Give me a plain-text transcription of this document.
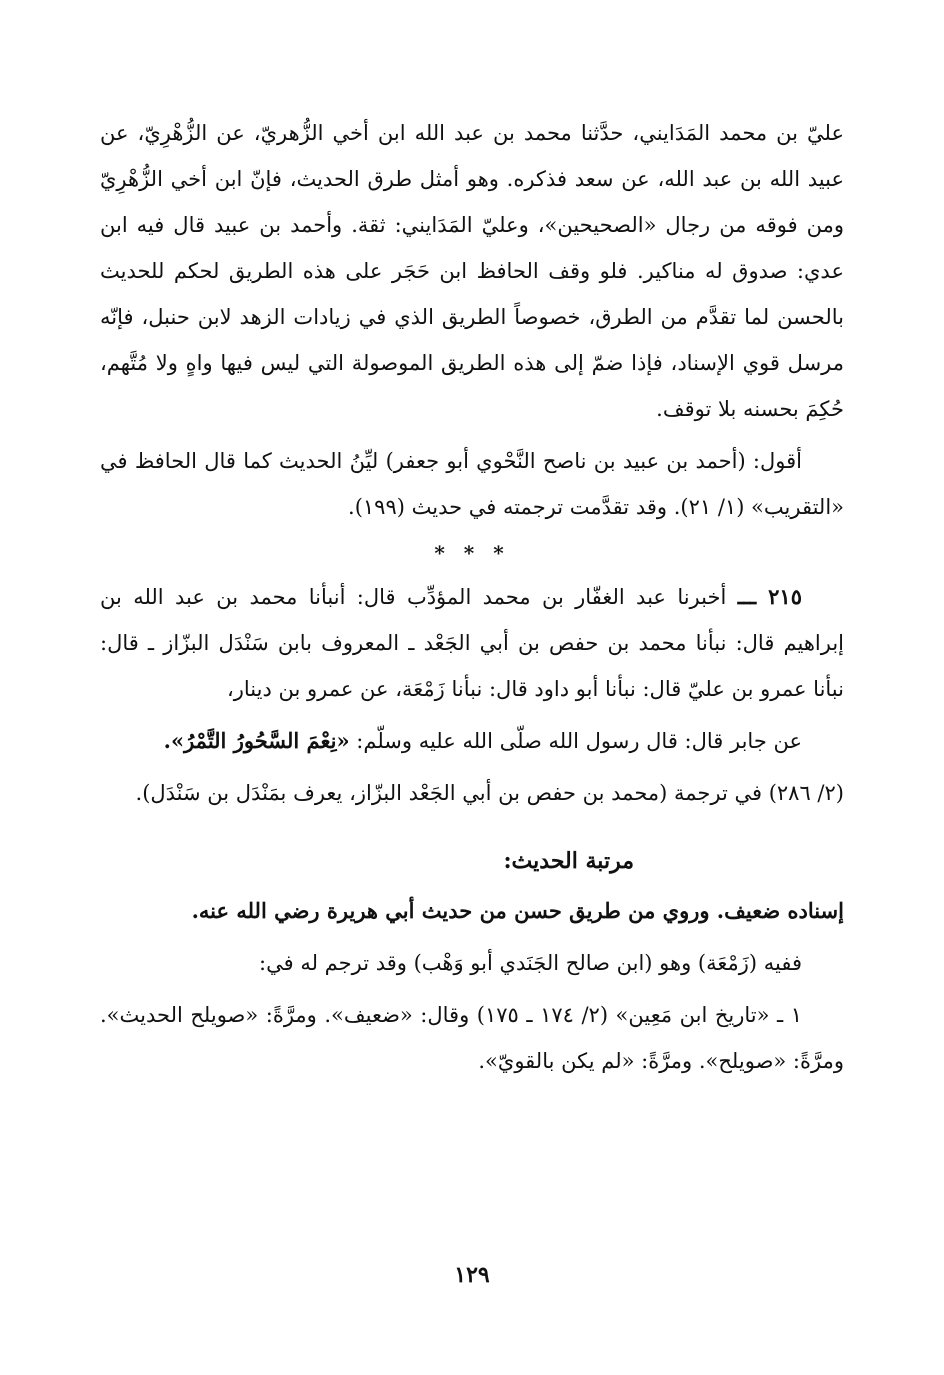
عليّ بن محمد المَدَايني، حدَّثنا محمد بن عبد الله ابن أخي الزُّهريّ، عن الزُّهْرِيّ، عن عبيد الله بن عبد الله، عن سعد فذكره. وهو أمثل طرق الحديث، فإنّ ابن أخي الزُّهْرِيّ ومن فوقه من رجال «الصحيحين»، وعليّ المَدَايني: ثقة. وأحمد بن عبيد قال فيه ابن عدي: صدوق له مناكير. فلو وقف الحافظ ابن حَجَر على هذه الطريق لحكم للحديث بالحسن لما تقدَّم من الطرق، خصوصاً الطريق الذي في زيادات الزهد لابن حنبل، فإنّه مرسل قوي الإسناد، فإذا ضمّ إلى هذه الطريق الموصولة التي ليس فيها واهٍ ولا مُتَّهم، حُكِمَ بحسنه بلا توقف.

أقول: (أحمد بن عبيد بن ناصح النَّحْوي أبو جعفر) ليِّنُ الحديث كما قال الحافظ في «التقريب» (١/ ٢١). وقد تقدَّمت ترجمته في حديث (١٩٩).

* * *

٢١٥ ـــ أخبرنا عبد الغفّار بن محمد المؤدِّب قال: أنبأنا محمد بن عبد الله بن إبراهيم قال: نبأنا محمد بن حفص بن أبي الجَعْد ـ المعروف بابن سَنْدَل البزّاز ـ قال: نبأنا عمرو بن عليّ قال: نبأنا أبو داود قال: نبأنا زَمْعَة، عن عمرو بن دينار،

عن جابر قال: قال رسول الله صلّى الله عليه وسلّم: «نِعْمَ السَّحُورُ التَّمْرُ».

(٢/ ٢٨٦) في ترجمة (محمد بن حفص بن أبي الجَعْد البزّاز، يعرف بمَنْدَل بن سَنْدَل).

مرتبة الحديث:

إسناده ضعيف. وروي من طريق حسن من حديث أبي هريرة رضي الله عنه.

ففيه (زَمْعَة) وهو (ابن صالح الجَنَدي أبو وَهْب) وقد ترجم له في:

١ ـ «تاريخ ابن مَعِين» (٢/ ١٧٤ ـ ١٧٥) وقال: «ضعيف». ومرَّةً: «صويلح الحديث». ومرَّةً: «صويلح». ومرَّةً: «لم يكن بالقويّ».

١٢٩
